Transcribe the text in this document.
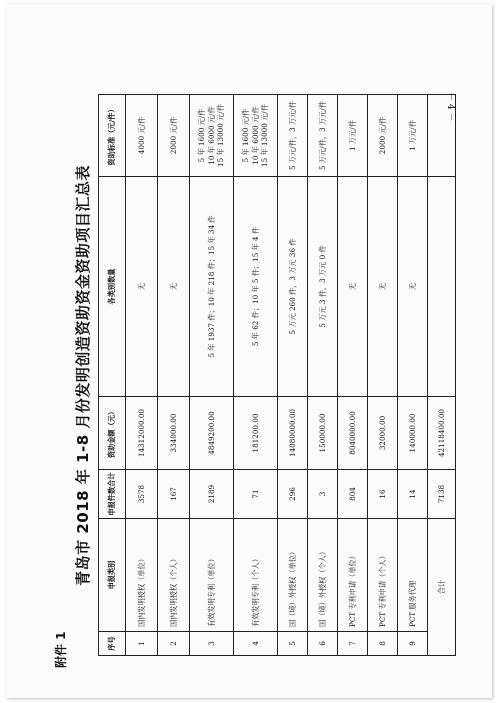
－ 4 －
附件 1
青岛市 2018 年 1-8 月份发明创造资助资金资助项目汇总表
序号	申报类别	申报件数合计	资助金额（元）	各类别数量	资助标准（元/件）
1	国内发明授权（单位）	3578	14312000.00	无	4000 元/件

2	国内发明授权（个人）	167	334000.00	无	2000 元/件

3	有效发明专利（单位）	2189	4849200.00	5 年 1937 件；10 年 218 件；15 年 34 件	5 年 1600 元/件 10 年 6000 元/件 15 年 13000 元/件

4	有效发明专利（个人）	71	181200.00	5 年 62 件；10 年 5 件；15 年 4 件	5 年 1600 元/件 10 年 6000 元/件 15 年 13000 元/件

5	国（境）外授权（单位）	296	14080000.00	5 万元 260 件，3 万元 36 件	5 万元/件，3 万元/件

6	国（境）外授权（个人）	3	150000.00	5 万元 3 件，3 万元 0 件	5 万元/件，3 万元/件

7	PCT 专利申请（单位）	804	8040000.00	无	1 万元/件

8	PCT 专利申请（个人）	16	32000.00	无	2000 元/件

9	PCT 服务代理	14	140000.00	无	1 万元/件

合计		7138	42118400.00		
